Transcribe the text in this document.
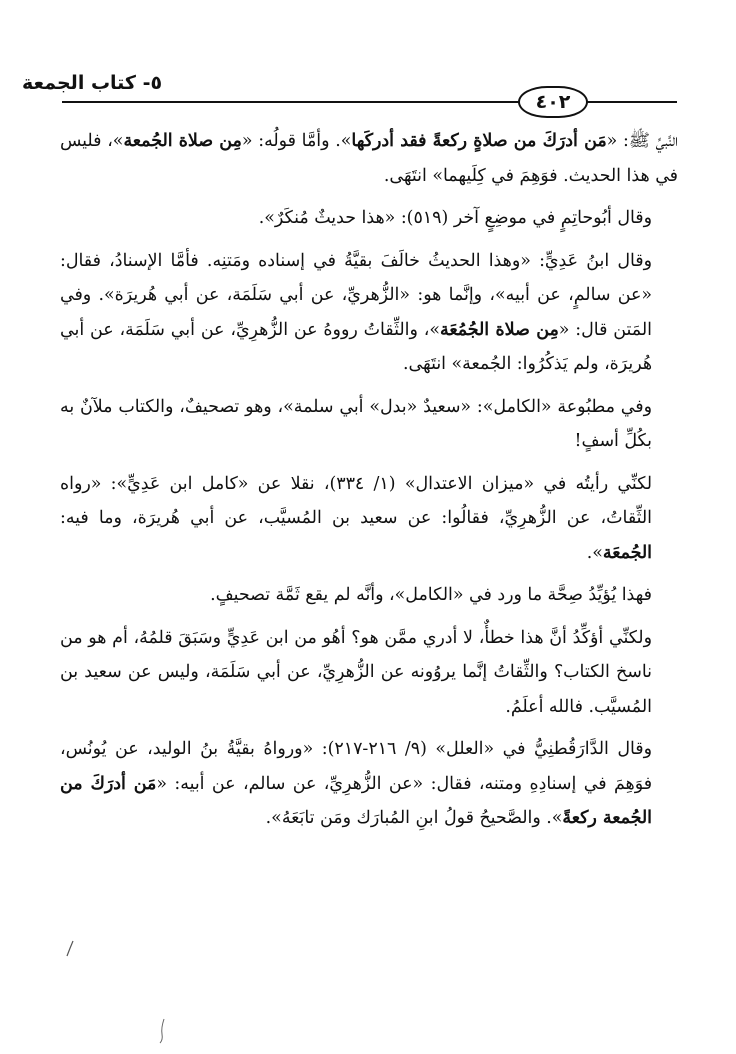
٥- كتاب الجمعة
٤٠٢

النَّبيِّ ﷺ: «مَن أدرَكَ من صلاةٍ ركعةً فقد أدركَها». وأمَّا قولُه: «مِن صلاة الجُمعة»، فليس في هذا الحديث. فوَهِمَ في كِلَيهما» انتَهَى.

وقال أبُوحاتِمٍ في موضِعٍ آخر (٥١٩): «هذا حديثٌ مُنكَرٌ».

وقال ابنُ عَدِيٍّ: «وهذا الحديثُ خالَفَ بقيَّةُ في إسناده ومَتنِه. فأمَّا الإسنادُ، فقال: «عن سالمٍ، عن أبيه»، وإنَّما هو: «الزُّهريِّ، عن أبي سَلَمَة، عن أبي هُريرَة». وفي المَتن قال: «مِن صلاة الجُمُعَة»، والثِّقاتُ رووهُ عن الزُّهرِيِّ، عن أبي سَلَمَة، عن أبي هُريرَة، ولم يَذكُرُوا: الجُمعة» انتَهَى.

وفي مطبُوعة «الكامل»: «سعيدٌ «بدل» أبي سلمة»، وهو تصحيفٌ، والكتاب ملآنٌ به بكُلِّ أسفٍ!

لكنِّي رأيتُه في «ميزان الاعتدال» (١/ ٣٣٤)، نقلا عن «كامل ابن عَدِيٍّ»: «رواه الثِّقاتُ، عن الزُّهرِيِّ، فقالُوا: عن سعيد بن المُسيَّب، عن أبي هُريرَة، وما فيه: الجُمعَة».

فهذا يُؤيِّدُ صِحَّة ما ورد في «الكامل»، وأنَّه لم يقع ثَمَّة تصحيفٍ.

ولكنِّي أؤكِّدُ أنَّ هذا خطأٌ، لا أدري ممَّن هو؟ أهُو من ابن عَدِيٍّ وسَبَقَ قلمُهُ، أم هو من ناسخ الكتاب؟ والثِّقاتُ إنَّما يروُونه عن الزُّهرِيِّ، عن أبي سَلَمَة، وليس عن سعيد بن المُسيَّب. فالله أعلَمُ.

وقال الدَّارَقُطنِيُّ في «العلل» (٩/ ٢١٦-٢١٧): «ورواهُ بقيَّةُ بنُ الوليد، عن يُونُس، فوَهِمَ في إسنادِهِ ومتنه، فقال: «عن الزُّهرِيِّ، عن سالم، عن أبيه: «مَن أدرَكَ من الجُمعة ركعةً». والصَّحيحُ قولُ ابنِ المُبارَك ومَن تابَعَهُ».
